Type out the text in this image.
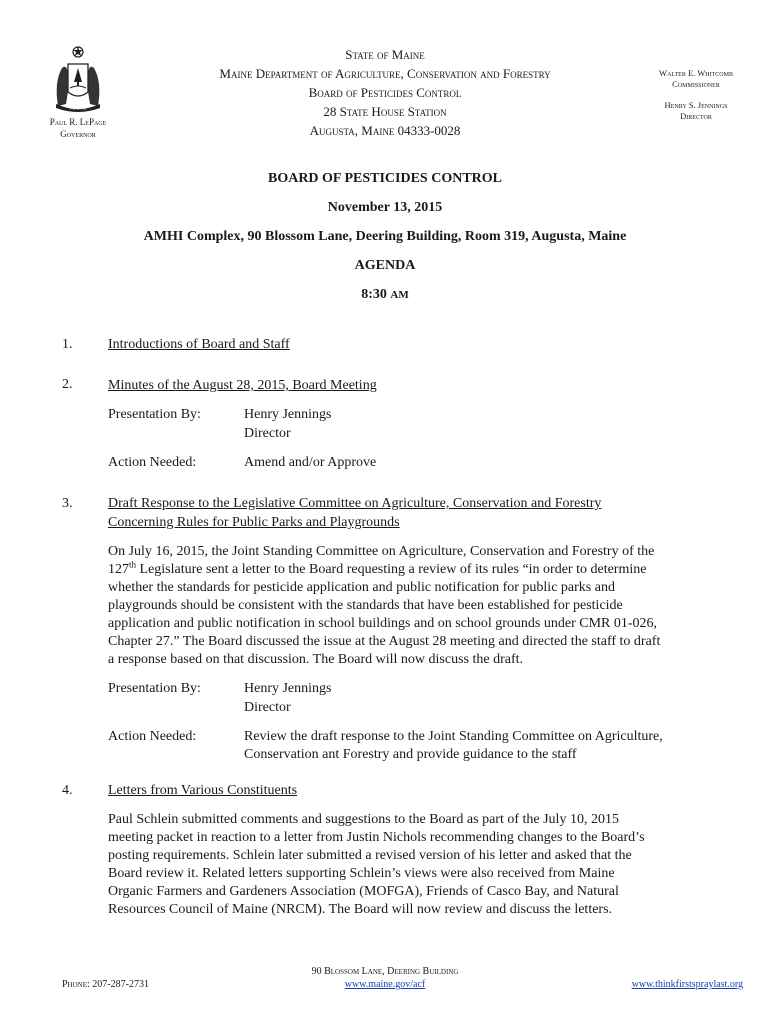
MAINE
Paul R. LePage
Governor
State of Maine
Maine Department of Agriculture, Conservation and Forestry
Board of Pesticides Control
28 State House Station
Augusta, Maine 04333-0028
Walter E. Whitcomb
Commissioner
Henry S. Jennings
Director
BOARD OF PESTICIDES CONTROL
November 13, 2015
AMHI Complex, 90 Blossom Lane, Deering Building, Room 319, Augusta, Maine
AGENDA
8:30 AM
1.	Introductions of Board and Staff
2.	Minutes of the August 28, 2015, Board Meeting
Presentation By:	Henry Jennings
Director
Action Needed:	Amend and/or Approve
3.	Draft Response to the Legislative Committee on Agriculture, Conservation and Forestry
Concerning Rules for Public Parks and Playgrounds
On July 16, 2015, the Joint Standing Committee on Agriculture, Conservation and Forestry of the
127th Legislature sent a letter to the Board requesting a review of its rules “in order to determine
whether the standards for pesticide application and public notification for public parks and
playgrounds should be consistent with the standards that have been established for pesticide
application and public notification in school buildings and on school grounds under CMR 01-026,
Chapter 27.” The Board discussed the issue at the August 28 meeting and directed the staff to draft
a response based on that discussion. The Board will now discuss the draft.
Presentation By:	Henry Jennings
Director
Action Needed:	Review the draft response to the Joint Standing Committee on Agriculture,
Conservation ant Forestry and provide guidance to the staff
4.	Letters from Various Constituents
Paul Schlein submitted comments and suggestions to the Board as part of the July 10, 2015
meeting packet in reaction to a letter from Justin Nichols recommending changes to the Board’s
posting requirements. Schlein later submitted a revised version of his letter and asked that the
Board review it. Related letters supporting Schlein’s views were also received from Maine
Organic Farmers and Gardeners Association (MOFGA), Friends of Casco Bay, and Natural
Resources Council of Maine (NRCM). The Board will now review and discuss the letters.
90 Blossom Lane, Deering Building
www.maine.gov/acf
Phone: 207-287-2731	www.thinkfirstspraylast.org
